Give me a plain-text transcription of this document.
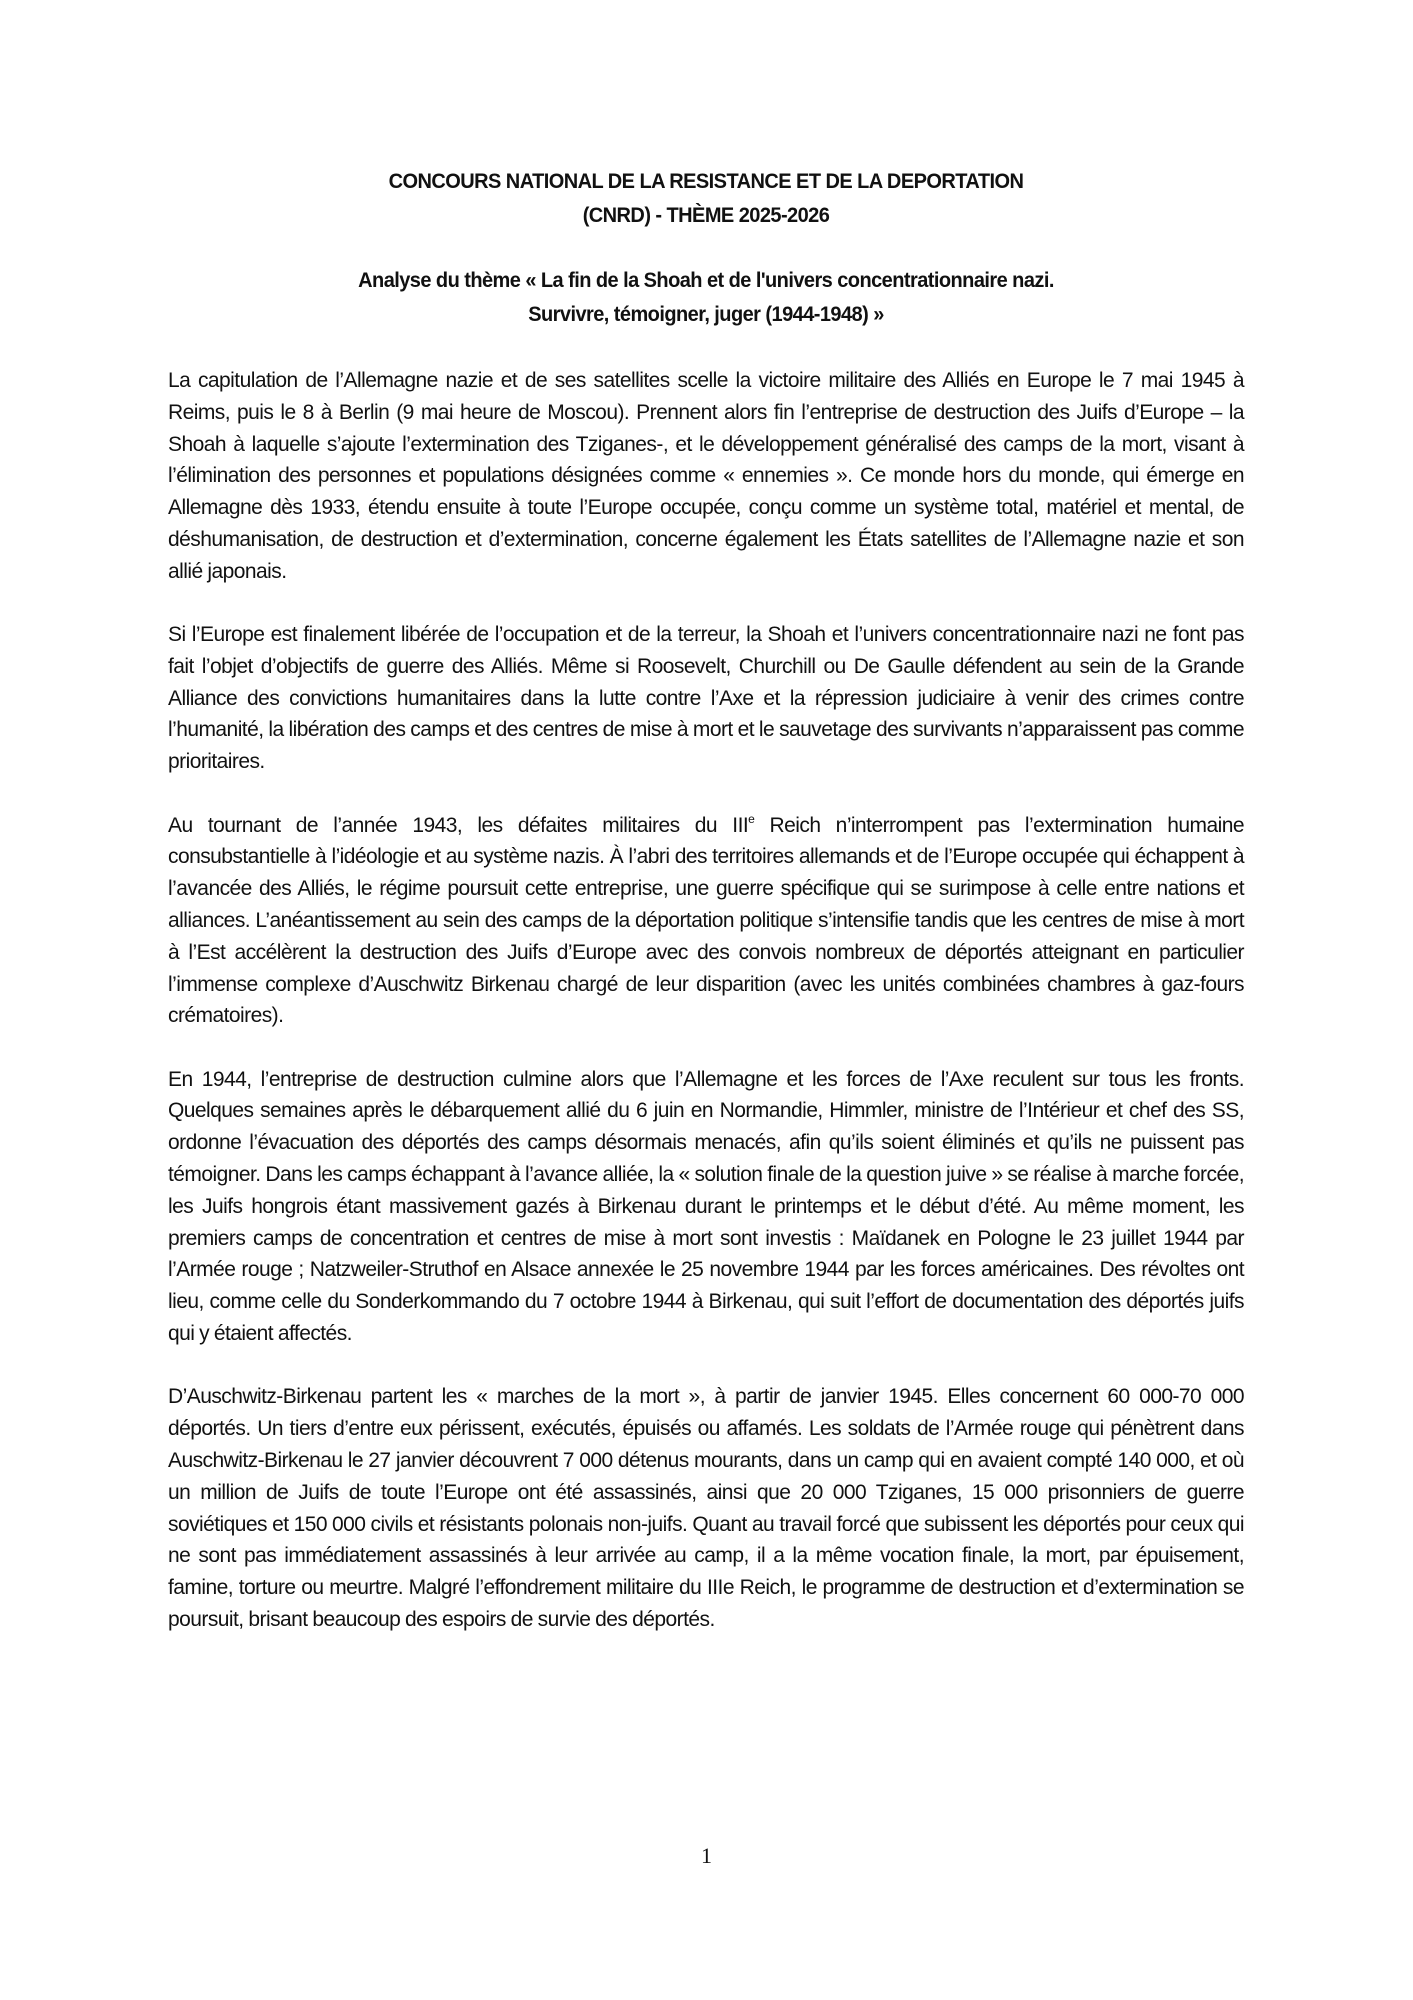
CONCOURS NATIONAL DE LA RESISTANCE ET DE LA DEPORTATION
(CNRD) - THÈME 2025-2026
Analyse du thème « La fin de la Shoah et de l'univers concentrationnaire nazi.
Survivre, témoigner, juger (1944-1948) »

La capitulation de l’Allemagne nazie et de ses satellites scelle la victoire militaire des Alliés en Europe le 7 mai 1945 à Reims, puis le 8 à Berlin (9 mai heure de Moscou). Prennent alors fin l’entreprise de destruction des Juifs d’Europe – la Shoah à laquelle s’ajoute l’extermination des Tziganes-, et le développement généralisé des camps de la mort, visant à l’élimination des personnes et populations désignées comme « ennemies ». Ce monde hors du monde, qui émerge en Allemagne dès 1933, étendu ensuite à toute l’Europe occupée, conçu comme un système total, matériel et mental, de déshumanisation, de destruction et d’extermination, concerne également les États satellites de l’Allemagne nazie et son allié japonais.

Si l’Europe est finalement libérée de l’occupation et de la terreur, la Shoah et l’univers concentrationnaire nazi ne font pas fait l’objet d’objectifs de guerre des Alliés. Même si Roosevelt, Churchill ou De Gaulle défendent au sein de la Grande Alliance des convictions humanitaires dans la lutte contre l’Axe et la répression judiciaire à venir des crimes contre l’humanité, la libération des camps et des centres de mise à mort et le sauvetage des survivants n’apparaissent pas comme prioritaires.

Au tournant de l’année 1943, les défaites militaires du IIIe Reich n’interrompent pas l’extermination humaine consubstantielle à l’idéologie et au système nazis. À l’abri des territoires allemands et de l’Europe occupée qui échappent à l’avancée des Alliés, le régime poursuit cette entreprise, une guerre spécifique qui se surimpose à celle entre nations et alliances. L’anéantissement au sein des camps de la déportation politique s’intensifie tandis que les centres de mise à mort à l’Est accélèrent la destruction des Juifs d’Europe avec des convois nombreux de déportés atteignant en particulier l’immense complexe d’Auschwitz Birkenau chargé de leur disparition (avec les unités combinées chambres à gaz-fours crématoires).

En 1944, l’entreprise de destruction culmine alors que l’Allemagne et les forces de l’Axe reculent sur tous les fronts. Quelques semaines après le débarquement allié du 6 juin en Normandie, Himmler, ministre de l’Intérieur et chef des SS, ordonne l’évacuation des déportés des camps désormais menacés, afin qu’ils soient éliminés et qu’ils ne puissent pas témoigner. Dans les camps échappant à l’avance alliée, la « solution finale de la question juive » se réalise à marche forcée, les Juifs hongrois étant massivement gazés à Birkenau durant le printemps et le début d’été. Au même moment, les premiers camps de concentration et centres de mise à mort sont investis : Maïdanek en Pologne le 23 juillet 1944 par l’Armée rouge ; Natzweiler-Struthof en Alsace annexée le 25 novembre 1944 par les forces américaines. Des révoltes ont lieu, comme celle du Sonderkommando du 7 octobre 1944 à Birkenau, qui suit l’effort de documentation des déportés juifs qui y étaient affectés.

D’Auschwitz-Birkenau partent les « marches de la mort », à partir de janvier 1945. Elles concernent 60 000-70 000 déportés. Un tiers d’entre eux périssent, exécutés, épuisés ou affamés. Les soldats de l’Armée rouge qui pénètrent dans Auschwitz-Birkenau le 27 janvier découvrent 7 000 détenus mourants, dans un camp qui en avaient compté 140 000, et où un million de Juifs de toute l’Europe ont été assassinés, ainsi que 20 000 Tziganes, 15 000 prisonniers de guerre soviétiques et 150 000 civils et résistants polonais non-juifs. Quant au travail forcé que subissent les déportés pour ceux qui ne sont pas immédiatement assassinés à leur arrivée au camp, il a la même vocation finale, la mort, par épuisement, famine, torture ou meurtre. Malgré l’effondrement militaire du IIIe Reich, le programme de destruction et d’extermination se poursuit, brisant beaucoup des espoirs de survie des déportés.

1
